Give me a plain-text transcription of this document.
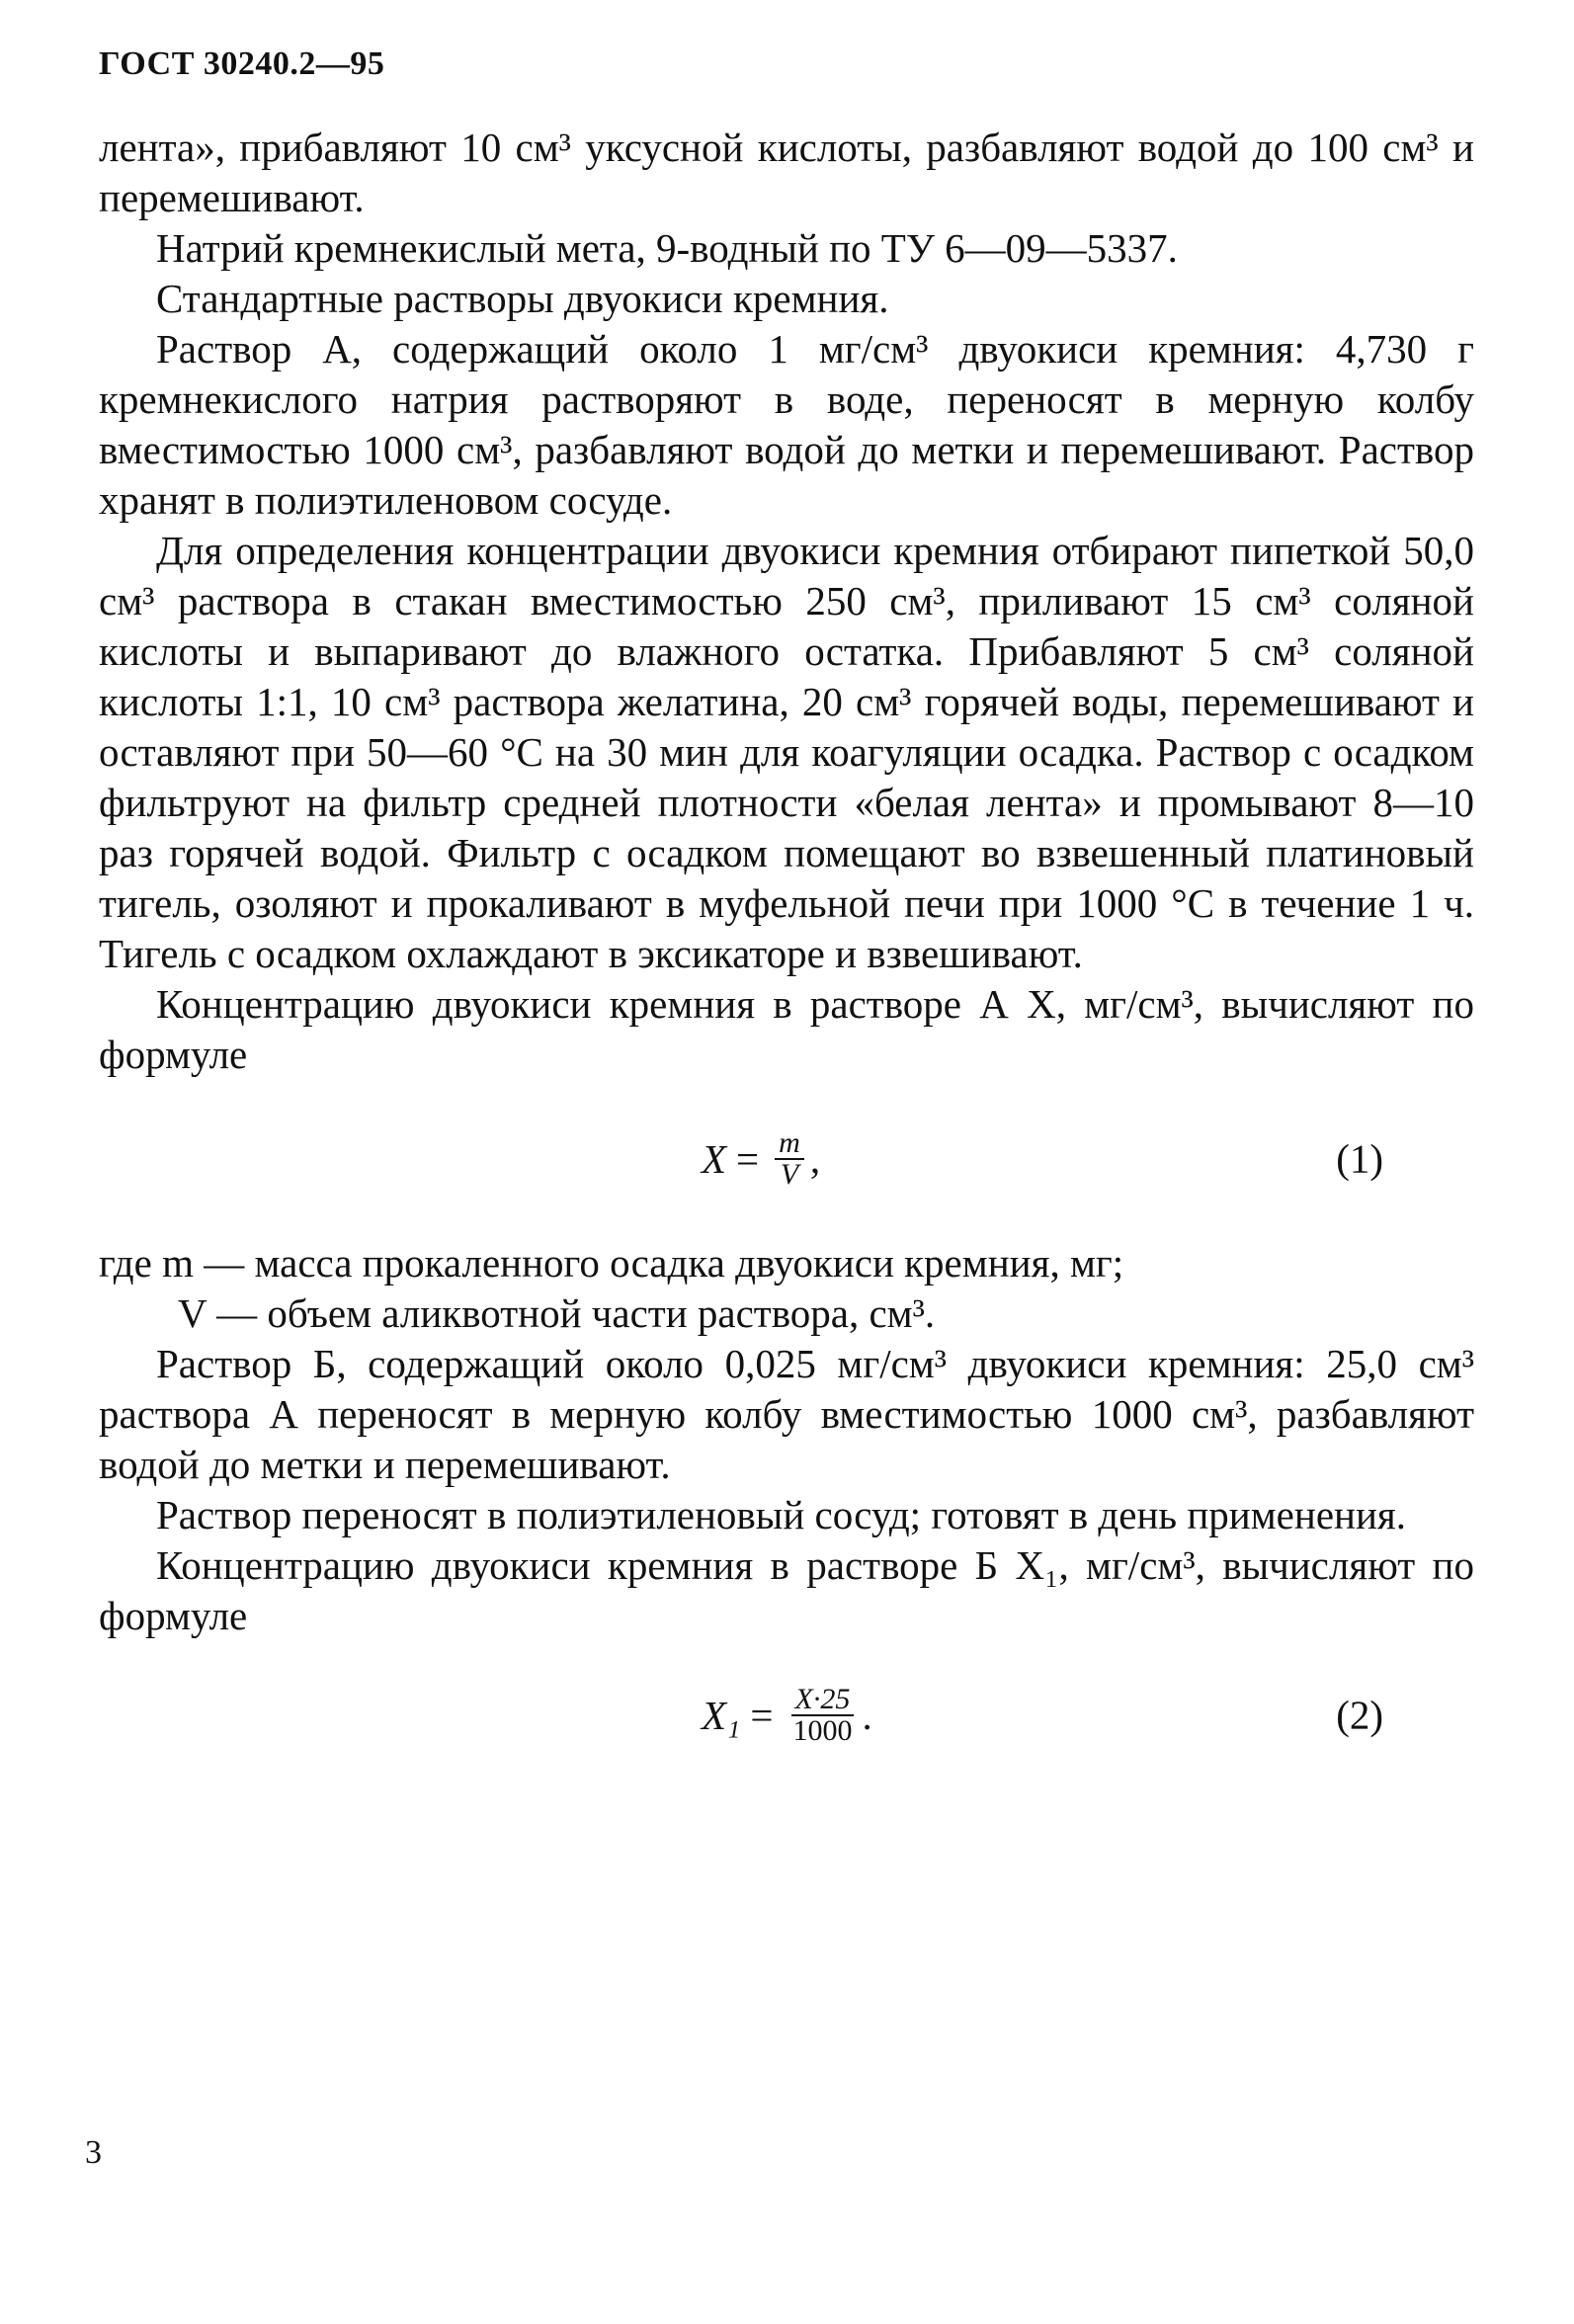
ГОСТ 30240.2—95

лента», прибавляют 10 см³ уксусной кислоты, разбавляют водой до 100 см³ и перемешивают.

Натрий кремнекислый мета, 9-водный по ТУ 6—09—5337.

Стандартные растворы двуокиси кремния.

Раствор А, содержащий около 1 мг/см³ двуокиси кремния: 4,730 г кремнекислого натрия растворяют в воде, переносят в мерную колбу вместимостью 1000 см³, разбавляют водой до метки и перемешивают. Раствор хранят в полиэтиленовом сосуде.

Для определения концентрации двуокиси кремния отбирают пипеткой 50,0 см³ раствора в стакан вместимостью 250 см³, приливают 15 см³ соляной кислоты и выпаривают до влажного остатка. Прибавляют 5 см³ соляной кислоты 1:1, 10 см³ раствора желатина, 20 см³ горячей воды, перемешивают и оставляют при 50—60 °С на 30 мин для коагуляции осадка. Раствор с осадком фильтруют на фильтр средней плотности «белая лента» и промывают 8—10 раз горячей водой. Фильтр с осадком помещают во взвешенный платиновый тигель, озоляют и прокаливают в муфельной печи при 1000 °С в течение 1 ч. Тигель с осадком охлаждают в эксикаторе и взвешивают.

Концентрацию двуокиси кремния в растворе А X, мг/см³, вычисляют по формуле

$X = \frac{m}{V}$ ,	(1)
где m — масса прокаленного осадка двуокиси кремния, мг;
V — объем аликвотной части раствора, см³.

Раствор Б, содержащий около 0,025 мг/см³ двуокиси кремния: 25,0 см³ раствора А переносят в мерную колбу вместимостью 1000 см³, разбавляют водой до метки и перемешивают.

Раствор переносят в полиэтиленовый сосуд; готовят в день применения.

Концентрацию двуокиси кремния в растворе Б X₁, мг/см³, вычисляют по формуле

$X_1 = \frac{X\cdot 25}{1000}$ .	(2)
3
